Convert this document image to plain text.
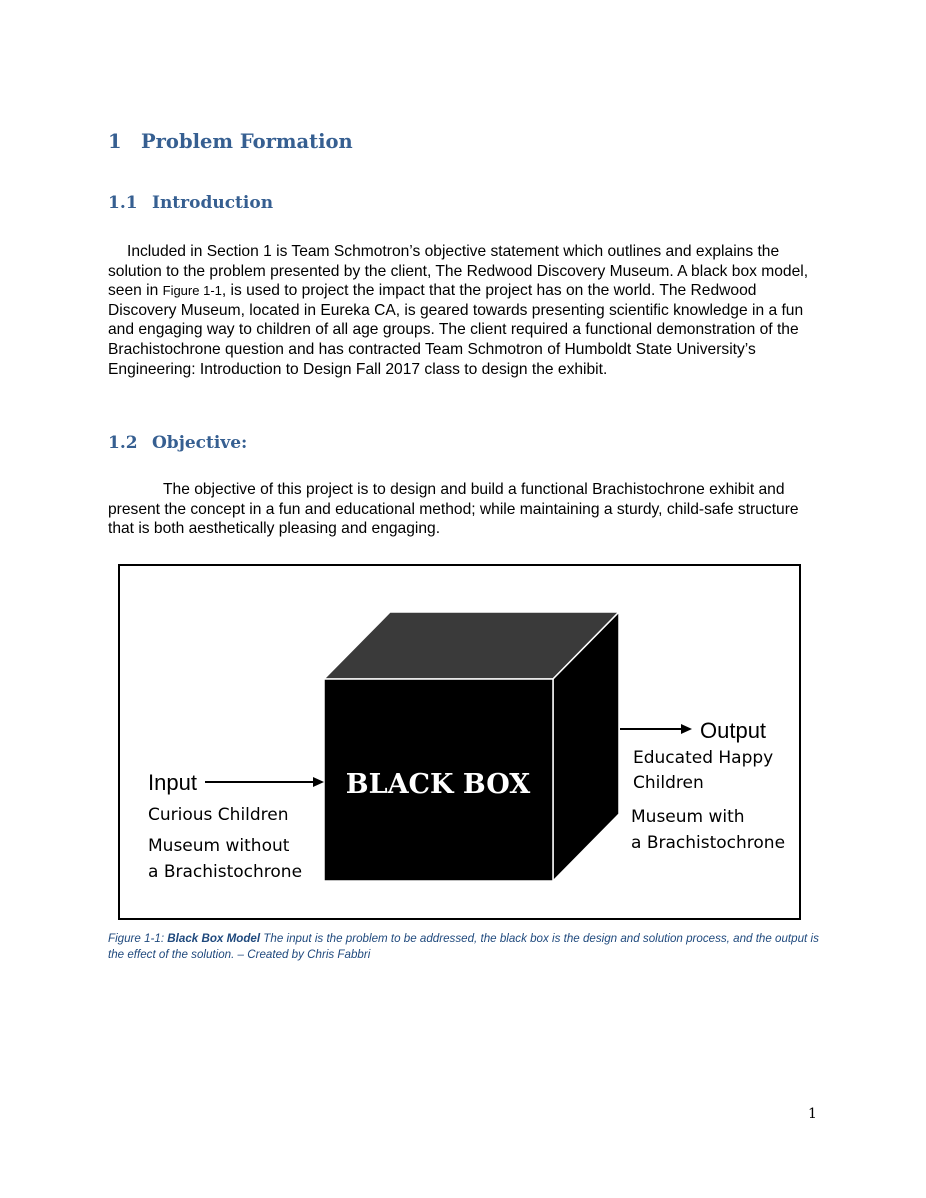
1 Problem Formation
1.1 Introduction

Included in Section 1 is Team Schmotron’s objective statement which outlines and explains the solution to the problem presented by the client, The Redwood Discovery Museum. A black box model, seen in Figure 1-1, is used to project the impact that the project has on the world. The Redwood Discovery Museum, located in Eureka CA, is geared towards presenting scientific knowledge in a fun and engaging way to children of all age groups. The client required a functional demonstration of the Brachistochrone question and has contracted Team Schmotron of Humboldt State University’s Engineering: Introduction to Design Fall 2017 class to design the exhibit.

1.2 Objective:

The objective of this project is to design and build a functional Brachistochrone exhibit and present the concept in a fun and educational method; while maintaining a sturdy, child-safe structure that is both aesthetically pleasing and engaging.

BLACK BOX
Input
Curious Children
Museum without
a Brachistochrone
Output
Educated Happy
Children
Museum with
a Brachistochrone

Figure 1-1: Black Box Model The input is the problem to be addressed, the black box is the design and solution process, and the output is the effect of the solution. – Created by Chris Fabbri

1
